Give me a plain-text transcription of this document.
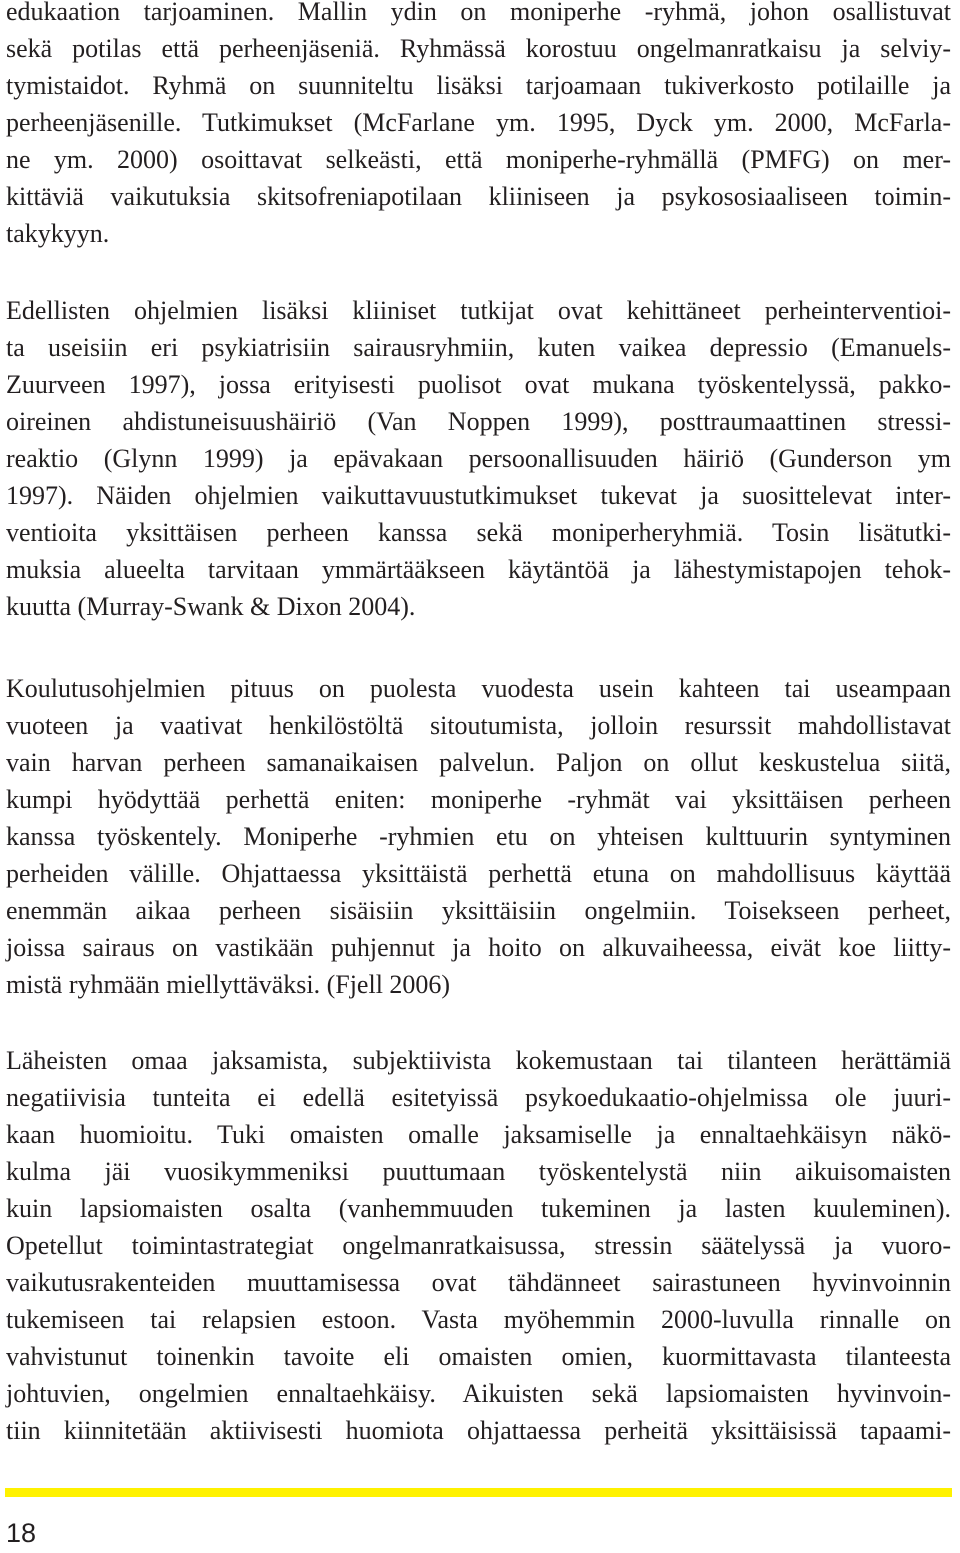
edukaation tarjoaminen. Mallin ydin on moniperhe -ryhmä, johon osallistuvat
sekä potilas että perheenjäseniä. Ryhmässä korostuu ongelmanratkaisu ja selviy-
tymistaidot. Ryhmä on suunniteltu lisäksi tarjoamaan tukiverkosto potilaille ja
perheenjäsenille. Tutkimukset (McFarlane ym. 1995, Dyck ym. 2000, McFarla-
ne ym. 2000) osoittavat selkeästi, että moniperhe-ryhmällä (PMFG) on mer-
kittäviä vaikutuksia skitsofreniapotilaan kliiniseen ja psykososiaaliseen toimin-
takykyyn.
Edellisten ohjelmien lisäksi kliiniset tutkijat ovat kehittäneet perheinterventioi-
ta useisiin eri psykiatrisiin sairausryhmiin, kuten vaikea depressio (Emanuels-
Zuurveen 1997), jossa erityisesti puolisot ovat mukana työskentelyssä, pakko-
oireinen ahdistuneisuushäiriö (Van Noppen 1999), posttraumaattinen stressi-
reaktio (Glynn 1999) ja epävakaan persoonallisuuden häiriö (Gunderson ym
1997). Näiden ohjelmien vaikuttavuustutkimukset tukevat ja suosittelevat inter-
ventioita yksittäisen perheen kanssa sekä moniperheryhmiä. Tosin lisätutki-
muksia alueelta tarvitaan ymmärtääkseen käytäntöä ja lähestymistapojen tehok-
kuutta (Murray-Swank & Dixon 2004).
Koulutusohjelmien pituus on puolesta vuodesta usein kahteen tai useampaan
vuoteen ja vaativat henkilöstöltä sitoutumista, jolloin resurssit mahdollistavat
vain harvan perheen samanaikaisen palvelun. Paljon on ollut keskustelua siitä,
kumpi hyödyttää perhettä eniten: moniperhe -ryhmät vai yksittäisen perheen
kanssa työskentely. Moniperhe -ryhmien etu on yhteisen kulttuurin syntyminen
perheiden välille. Ohjattaessa yksittäistä perhettä etuna on mahdollisuus käyttää
enemmän aikaa perheen sisäisiin yksittäisiin ongelmiin. Toisekseen perheet,
joissa sairaus on vastikään puhjennut ja hoito on alkuvaiheessa, eivät koe liitty-
mistä ryhmään miellyttäväksi. (Fjell 2006)
Läheisten omaa jaksamista, subjektiivista kokemustaan tai tilanteen herättämiä
negatiivisia tunteita ei edellä esitetyissä psykoedukaatio-ohjelmissa ole juuri-
kaan huomioitu. Tuki omaisten omalle jaksamiselle ja ennaltaehkäisyn näkö-
kulma jäi vuosikymmeniksi puuttumaan työskentelystä niin aikuisomaisten
kuin lapsiomaisten osalta (vanhemmuuden tukeminen ja lasten kuuleminen).
Opetellut toimintastrategiat ongelmanratkaisussa, stressin säätelyssä ja vuoro-
vaikutusrakenteiden muuttamisessa ovat tähdänneet sairastuneen hyvinvoinnin
tukemiseen tai relapsien estoon. Vasta myöhemmin 2000-luvulla rinnalle on
vahvistunut toinenkin tavoite eli omaisten omien, kuormittavasta tilanteesta
johtuvien, ongelmien ennaltaehkäisy. Aikuisten sekä lapsiomaisten hyvinvoin-
tiin kiinnitetään aktiivisesti huomiota ohjattaessa perheitä yksittäisissä tapaami-
18
